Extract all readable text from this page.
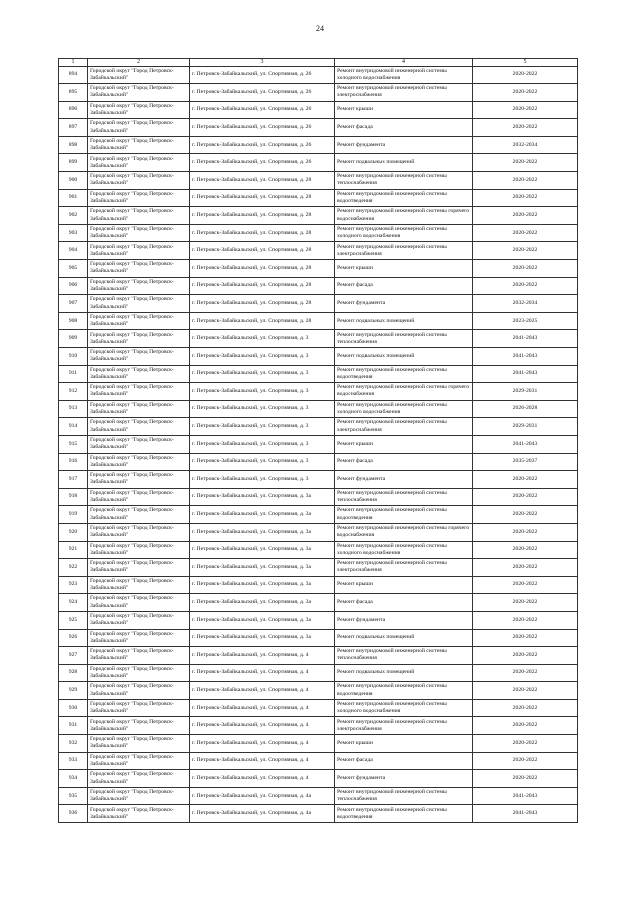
24
1	2	3	4	5
894	Городской округ "Город Петровск-Забайкальский"	г. Петровск-Забайкальский, ул. Спортивная, д. 26	Ремонт внутридомовой инженерной системы холодного водоснабжения	2020-2022
895	Городской округ "Город Петровск-Забайкальский"	г. Петровск-Забайкальский, ул. Спортивная, д. 26	Ремонт внутридомовой инженерной системы электроснабжения	2020-2022
896	Городской округ "Город Петровск-Забайкальский"	г. Петровск-Забайкальский, ул. Спортивная, д. 26	Ремонт крыши	2020-2022
897	Городской округ "Город Петровск-Забайкальский"	г. Петровск-Забайкальский, ул. Спортивная, д. 26	Ремонт фасада	2020-2022
898	Городской округ "Город Петровск-Забайкальский"	г. Петровск-Забайкальский, ул. Спортивная, д. 26	Ремонт фундамента	2032-2034
899	Городской округ "Город Петровск-Забайкальский"	г. Петровск-Забайкальский, ул. Спортивная, д. 26	Ремонт подвальных помещений	2020-2022
900	Городской округ "Город Петровск-Забайкальский"	г. Петровск-Забайкальский, ул. Спортивная, д. 28	Ремонт внутридомовой инженерной системы теплоснабжения	2020-2022
901	Городской округ "Город Петровск-Забайкальский"	г. Петровск-Забайкальский, ул. Спортивная, д. 28	Ремонт внутридомовой инженерной системы водоотведения	2020-2022
902	Городской округ "Город Петровск-Забайкальский"	г. Петровск-Забайкальский, ул. Спортивная, д. 28	Ремонт внутридомовой инженерной системы горячего водоснабжения	2020-2022
903	Городской округ "Город Петровск-Забайкальский"	г. Петровск-Забайкальский, ул. Спортивная, д. 28	Ремонт внутридомовой инженерной системы холодного водоснабжения	2020-2022
904	Городской округ "Город Петровск-Забайкальский"	г. Петровск-Забайкальский, ул. Спортивная, д. 28	Ремонт внутридомовой инженерной системы электроснабжения	2020-2022
905	Городской округ "Город Петровск-Забайкальский"	г. Петровск-Забайкальский, ул. Спортивная, д. 28	Ремонт крыши	2020-2022
906	Городской округ "Город Петровск-Забайкальский"	г. Петровск-Забайкальский, ул. Спортивная, д. 28	Ремонт фасада	2020-2022
907	Городской округ "Город Петровск-Забайкальский"	г. Петровск-Забайкальский, ул. Спортивная, д. 28	Ремонт фундамента	2032-2034
908	Городской округ "Город Петровск-Забайкальский"	г. Петровск-Забайкальский, ул. Спортивная, д. 28	Ремонт подвальных помещений	2023-2025
909	Городской округ "Город Петровск-Забайкальский"	г. Петровск-Забайкальский, ул. Спортивная, д. 3	Ремонт внутридомовой инженерной системы теплоснабжения	2041-2043
910	Городской округ "Город Петровск-Забайкальский"	г. Петровск-Забайкальский, ул. Спортивная, д. 3	Ремонт подвальных помещений	2041-2043
911	Городской округ "Город Петровск-Забайкальский"	г. Петровск-Забайкальский, ул. Спортивная, д. 3	Ремонт внутридомовой инженерной системы водоотведения	2041-2043
912	Городской округ "Город Петровск-Забайкальский"	г. Петровск-Забайкальский, ул. Спортивная, д. 3	Ремонт внутридомовой инженерной системы горячего водоснабжения	2029-2031
913	Городской округ "Город Петровск-Забайкальский"	г. Петровск-Забайкальский, ул. Спортивная, д. 3	Ремонт внутридомовой инженерной системы холодного водоснабжения	2026-2028
914	Городской округ "Город Петровск-Забайкальский"	г. Петровск-Забайкальский, ул. Спортивная, д. 3	Ремонт внутридомовой инженерной системы электроснабжения	2029-2031
915	Городской округ "Город Петровск-Забайкальский"	г. Петровск-Забайкальский, ул. Спортивная, д. 3	Ремонт крыши	2041-2043
916	Городской округ "Город Петровск-Забайкальский"	г. Петровск-Забайкальский, ул. Спортивная, д. 3	Ремонт фасада	2035-2037
917	Городской округ "Город Петровск-Забайкальский"	г. Петровск-Забайкальский, ул. Спортивная, д. 3	Ремонт фундамента	2020-2022
918	Городской округ "Город Петровск-Забайкальский"	г. Петровск-Забайкальский, ул. Спортивная, д. 3а	Ремонт внутридомовой инженерной системы теплоснабжения	2020-2022
919	Городской округ "Город Петровск-Забайкальский"	г. Петровск-Забайкальский, ул. Спортивная, д. 3а	Ремонт внутридомовой инженерной системы водоотведения	2020-2022
920	Городской округ "Город Петровск-Забайкальский"	г. Петровск-Забайкальский, ул. Спортивная, д. 3а	Ремонт внутридомовой инженерной системы горячего водоснабжения	2020-2022
921	Городской округ "Город Петровск-Забайкальский"	г. Петровск-Забайкальский, ул. Спортивная, д. 3а	Ремонт внутридомовой инженерной системы холодного водоснабжения	2020-2022
922	Городской округ "Город Петровск-Забайкальский"	г. Петровск-Забайкальский, ул. Спортивная, д. 3а	Ремонт внутридомовой инженерной системы электроснабжения	2020-2022
923	Городской округ "Город Петровск-Забайкальский"	г. Петровск-Забайкальский, ул. Спортивная, д. 3а	Ремонт крыши	2020-2022
924	Городской округ "Город Петровск-Забайкальский"	г. Петровск-Забайкальский, ул. Спортивная, д. 3а	Ремонт фасада	2020-2022
925	Городской округ "Город Петровск-Забайкальский"	г. Петровск-Забайкальский, ул. Спортивная, д. 3а	Ремонт фундамента	2020-2022
926	Городской округ "Город Петровск-Забайкальский"	г. Петровск-Забайкальский, ул. Спортивная, д. 3а	Ремонт подвальных помещений	2020-2022
927	Городской округ "Город Петровск-Забайкальский"	г. Петровск-Забайкальский, ул. Спортивная, д. 4	Ремонт внутридомовой инженерной системы теплоснабжения	2020-2022
928	Городской округ "Город Петровск-Забайкальский"	г. Петровск-Забайкальский, ул. Спортивная, д. 4	Ремонт подвальных помещений	2020-2022
929	Городской округ "Город Петровск-Забайкальский"	г. Петровск-Забайкальский, ул. Спортивная, д. 4	Ремонт внутридомовой инженерной системы водоотведения	2020-2022
930	Городской округ "Город Петровск-Забайкальский"	г. Петровск-Забайкальский, ул. Спортивная, д. 4	Ремонт внутридомовой инженерной системы холодного водоснабжения	2020-2022
931	Городской округ "Город Петровск-Забайкальский"	г. Петровск-Забайкальский, ул. Спортивная, д. 4	Ремонт внутридомовой инженерной системы электроснабжения	2020-2022
932	Городской округ "Город Петровск-Забайкальский"	г. Петровск-Забайкальский, ул. Спортивная, д. 4	Ремонт крыши	2020-2022
933	Городской округ "Город Петровск-Забайкальский"	г. Петровск-Забайкальский, ул. Спортивная, д. 4	Ремонт фасада	2020-2022
934	Городской округ "Город Петровск-Забайкальский"	г. Петровск-Забайкальский, ул. Спортивная, д. 4	Ремонт фундамента	2020-2022
935	Городской округ "Город Петровск-Забайкальский"	г. Петровск-Забайкальский, ул. Спортивная, д. 4а	Ремонт внутридомовой инженерной системы теплоснабжения	2041-2043
936	Городской округ "Город Петровск-Забайкальский"	г. Петровск-Забайкальский, ул. Спортивная, д. 4а	Ремонт внутридомовой инженерной системы водоотведения	2041-2043
